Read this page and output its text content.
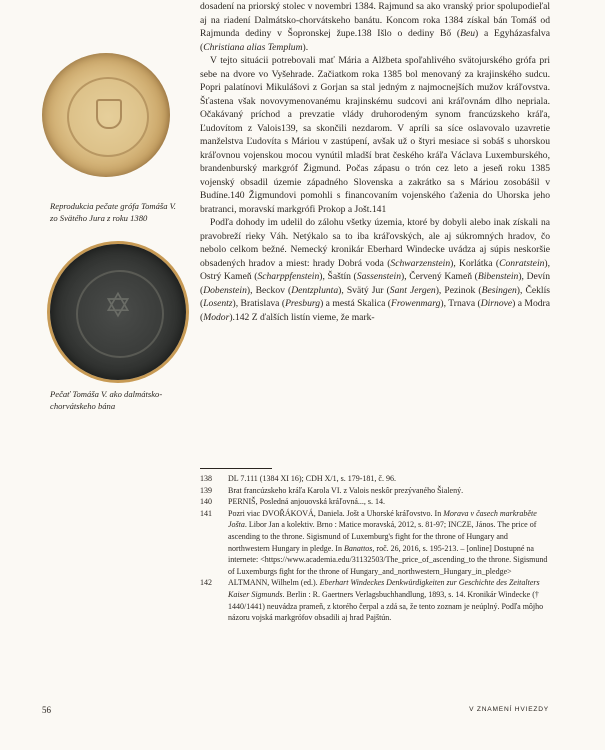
Reprodukcia pečate grófa Tomáša V. zo Svätého Jura z roku 1380
✡
Pečať Tomáša V. ako dalmátsko-chorvátskeho bána

dosadení na priorský stolec v novembri 1384. Rajmund sa ako vranský prior spolupodieľal aj na riadení Dalmátsko-chorvátskeho banátu. Koncom roka 1384 získal bán Tomáš od Rajmunda dediny v Šopronskej župe.138 Išlo o dediny Bő (Beu) a Egyházasfalva (Christiana alias Templum).

V tejto situácii potrebovali mať Mária a Alžbeta spoľahlivého svätojurského grófa pri sebe na dvore vo Vyšehrade. Začiatkom roka 1385 bol menovaný za krajinského sudcu. Popri palatínovi Mikulášovi z Gorjan sa stal jedným z najmocnejších mužov kráľovstva. Šťastena však novovymenovanému krajinskému sudcovi ani kráľovnám dlho nepriala. Očakávaný príchod a prevzatie vlády druhorodeným synom francúzskeho kráľa, Ľudovítom z Valois139, sa skončili nezdarom. V apríli sa síce oslavovalo uzavretie manželstva Ľudovíta s Máriou v zastúpení, avšak už o štyri mesiace si sobáš s uhorskou kráľovnou vojenskou mocou vynútil mladší brat českého kráľa Václava Luxemburského, brandenburský markgróf Žigmund. Počas zápasu o trón cez leto a jeseň roku 1385 vojenský obsadil územie západného Slovenska a zakrátko sa s Máriou zosobášil v Budíne.140 Žigmundovi pomohli s financovaním vojenského ťaženia do Uhorska jeho bratranci, moravskí markgrófi Prokop a Jošt.141

Podľa dohody im udelil do zálohu všetky územia, ktoré by dobyli alebo inak získali na pravobreží rieky Váh. Netýkalo sa to iba kráľovských, ale aj súkromných hradov, čo nebolo celkom bežné. Nemecký kronikár Eberhard Windecke uvádza aj súpis neskoršie obsadených hradov a miest: hrady Dobrá voda (Schwarzenstein), Korlátka (Conratstein), Ostrý Kameň (Scharppfenstein), Šaštín (Sassenstein), Červený Kameň (Bibenstein), Devín (Dobenstein), Beckov (Dentzplunta), Svätý Jur (Sant Jergen), Pezinok (Besingen), Čeklís (Losentz), Bratislava (Presburg) a mestá Skalica (Frowenmarg), Trnava (Dirnove) a Modra (Modor).142 Z ďalších listín vieme, že mark-

138 DL 7.111 (1384 XI 16); CDH X/1, s. 179-181, č. 96.
139 Brat francúzskeho kráľa Karola VI. z Valois neskôr prezývaného Šialený.
140 PERNIŠ, Posledná anjouovská kráľovná..., s. 14.
141 Pozri viac DVOŘÁKOVÁ, Daniela. Jošt a Uhorské kráľovstvo. In Morava v časech markraběte Jošta. Libor Jan a kolektiv. Brno : Matice moravská, 2012, s. 81-97; INCZE, János. The price of ascending to the throne. Sigismund of Luxemburg's fight for the throne of Hungary and northwestern Hungary in pledge. In Banattos, roč. 26, 2016, s. 195-213. – [online] Dostupné na internete: <https://www.academia.edu/31132503/The_price_of_ascending_to the throne. Sigismund of Luxemburgs fight for the throne of Hungary_and_northwestern_Hungary_in_pledge>
142 ALTMANN, Wilhelm (ed.). Eberhart Windeckes Denkwürdigkeiten zur Geschichte des Zeitalters Kaiser Sigmunds. Berlin : R. Gaertners Verlagsbuchhandlung, 1893, s. 14. Kronikár Windecke († 1440/1441) neuvádza prameň, z ktorého čerpal a zdá sa, že tento zoznam je neúplný. Podľa môjho názoru vojská markgrófov obsadili aj hrad Pajštún.
56	V ZNAMENÍ HVIEZDY
